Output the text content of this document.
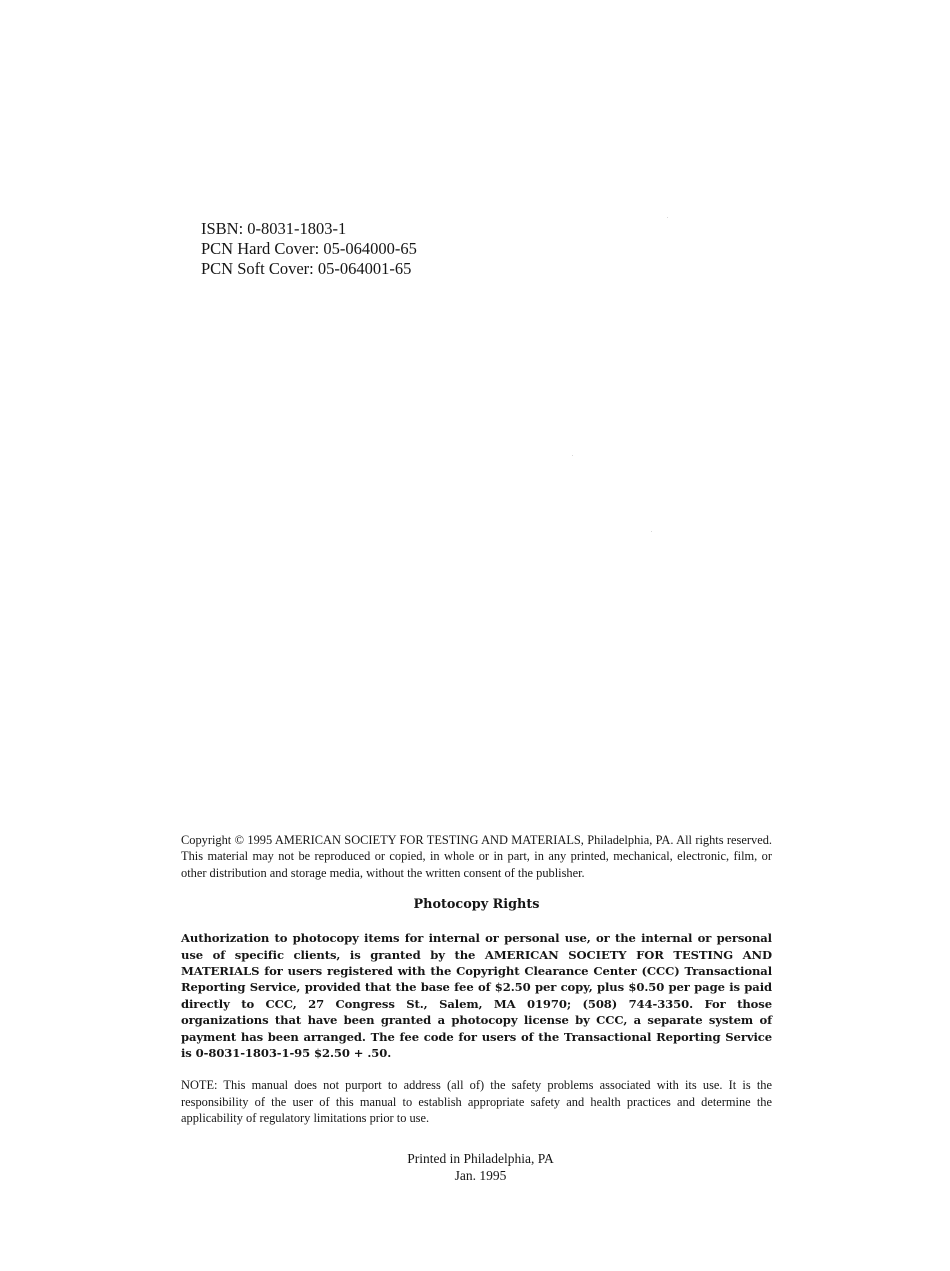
ISBN: 0-8031-1803-1
PCN Hard Cover: 05-064000-65
PCN Soft Cover: 05-064001-65

Copyright © 1995 AMERICAN SOCIETY FOR TESTING AND MATERIALS, Philadelphia, PA. All rights reserved. This material may not be reproduced or copied, in whole or in part, in any printed, mechanical, electronic, film, or other distribution and storage media, without the written consent of the publisher.

Photocopy Rights

Authorization to photocopy items for internal or personal use, or the internal or personal use of specific clients, is granted by the AMERICAN SOCIETY FOR TESTING AND MATERIALS for users registered with the Copyright Clearance Center (CCC) Transactional Reporting Service, provided that the base fee of $2.50 per copy, plus $0.50 per page is paid directly to CCC, 27 Congress St., Salem, MA 01970; (508) 744-3350. For those organizations that have been granted a photocopy license by CCC, a separate system of payment has been arranged. The fee code for users of the Transactional Reporting Service is 0-8031-1803-1-95 $2.50 + .50.

NOTE: This manual does not purport to address (all of) the safety problems associated with its use. It is the responsibility of the user of this manual to establish appropriate safety and health practices and determine the applicability of regulatory limitations prior to use.

Printed in Philadelphia, PA
Jan. 1995
